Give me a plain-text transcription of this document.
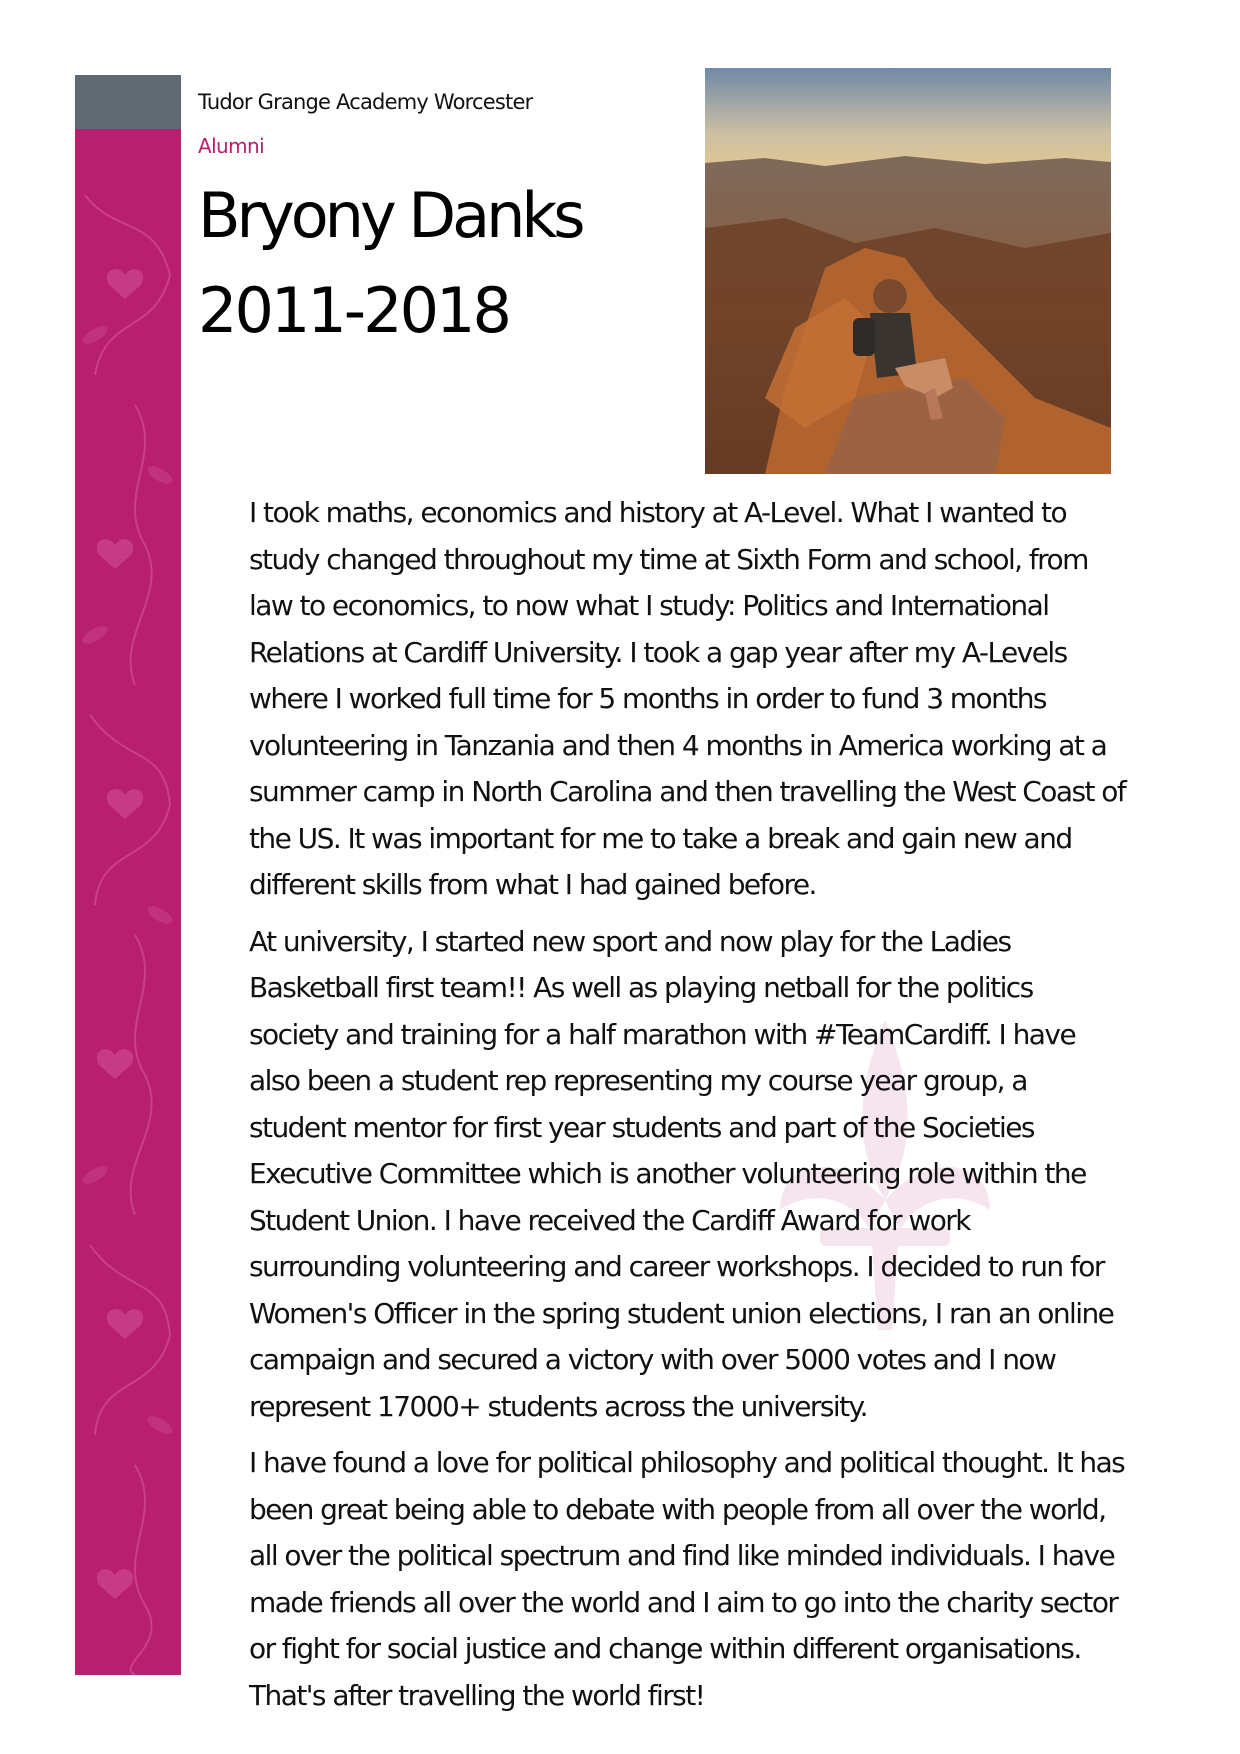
Tudor Grange Academy Worcester
Alumni
Bryony Danks
2011-2018

I took maths, economics and history at A-Level. What I wanted to study changed throughout my time at Sixth Form and school, from law to economics, to now what I study: Politics and International Relations at Cardiff University. I took a gap year after my A-Levels where I worked full time for 5 months in order to fund 3 months volunteering in Tanzania and then 4 months in America working at a summer camp in North Carolina and then travelling the West Coast of the US. It was important for me to take a break and gain new and different skills from what I had gained before.

At university, I started new sport and now play for the Ladies Basketball first team!! As well as playing netball for the politics society and training for a half marathon with #TeamCardiff. I have also been a student rep representing my course year group, a student mentor for first year students and part of the Societies Executive Committee which is another volunteering role within the Student Union. I have received the Cardiff Award for work surrounding volunteering and career workshops. I decided to run for Women's Officer in the spring student union elections, I ran an online campaign and secured a victory with over 5000 votes and I now represent 17000+ students across the university.

I have found a love for political philosophy and political thought. It has been great being able to debate with people from all over the world, all over the political spectrum and find like minded individuals. I have made friends all over the world and I aim to go into the charity sector or fight for social justice and change within different organisations. That's after travelling the world first!
